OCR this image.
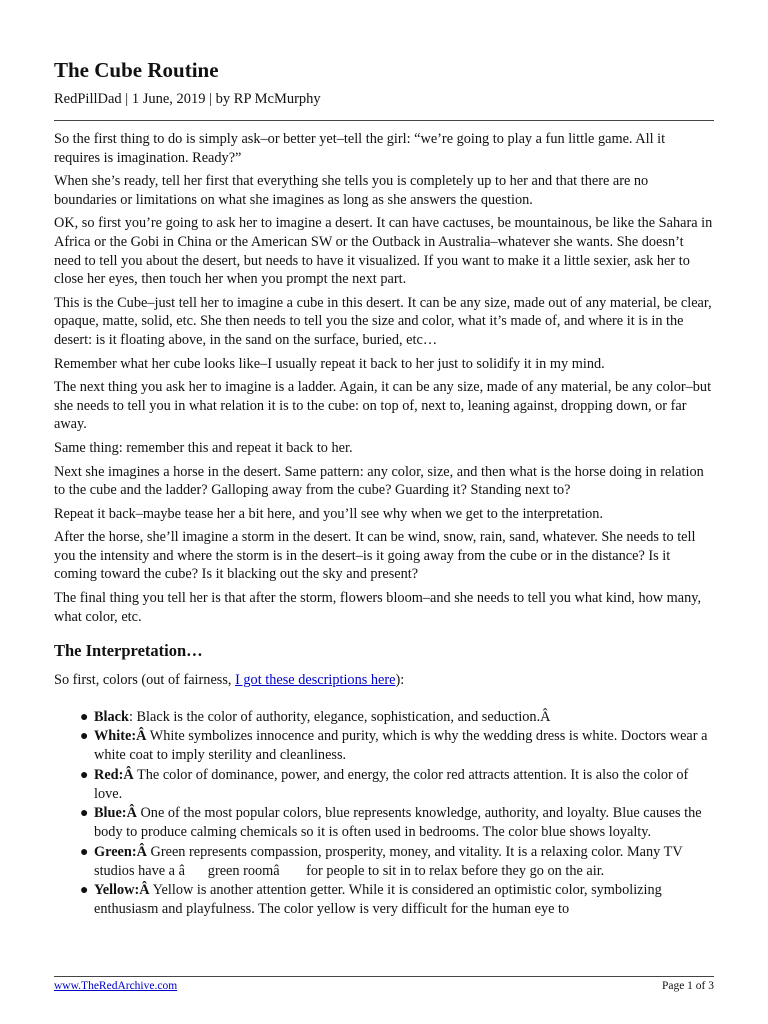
The Cube Routine
RedPillDad | 1 June, 2019 | by RP McMurphy

So the first thing to do is simply ask–or better yet–tell the girl: “we’re going to play a fun little game. All it requires is imagination. Ready?”

When she’s ready, tell her first that everything she tells you is completely up to her and that there are no boundaries or limitations on what she imagines as long as she answers the question.

OK, so first you’re going to ask her to imagine a desert. It can have cactuses, be mountainous, be like the Sahara in Africa or the Gobi in China or the American SW or the Outback in Australia–whatever she wants. She doesn’t need to tell you about the desert, but needs to have it visualized. If you want to make it a little sexier, ask her to close her eyes, then touch her when you prompt the next part.

This is the Cube–just tell her to imagine a cube in this desert. It can be any size, made out of any material, be clear, opaque, matte, solid, etc. She then needs to tell you the size and color, what it’s made of, and where it is in the desert: is it floating above, in the sand on the surface, buried, etc…

Remember what her cube looks like–I usually repeat it back to her just to solidify it in my mind.

The next thing you ask her to imagine is a ladder. Again, it can be any size, made of any material, be any color–but she needs to tell you in what relation it is to the cube: on top of, next to, leaning against, dropping down, or far away.

Same thing: remember this and repeat it back to her.

Next she imagines a horse in the desert. Same pattern: any color, size, and then what is the horse doing in relation to the cube and the ladder? Galloping away from the cube? Guarding it? Standing next to?

Repeat it back–maybe tease her a bit here, and you’ll see why when we get to the interpretation.

After the horse, she’ll imagine a storm in the desert. It can be wind, snow, rain, sand, whatever. She needs to tell you the intensity and where the storm is in the desert–is it going away from the cube or in the distance? Is it coming toward the cube? Is it blacking out the sky and present?

The final thing you tell her is that after the storm, flowers bloom–and she needs to tell you what kind, how many, what color, etc.

The Interpretation…

So first, colors (out of fairness, I got these descriptions here):

● Black: Black is the color of authority, elegance, sophistication, and seduction.Â
● White:Â White symbolizes innocence and purity, which is why the wedding dress is white. Doctors wear a white coat to imply sterility and cleanliness.
● Red:Â The color of dominance, power, and energy, the color red attracts attention. It is also the color of love.
● Blue:Â One of the most popular colors, blue represents knowledge, authority, and loyalty. Blue causes the body to produce calming chemicals so it is often used in bedrooms. The color blue shows loyalty.
● Green:Â Green represents compassion, prosperity, money, and vitality. It is a relaxing color. Many TV studios have a âgreen roomâ for people to sit in to relax before they go on the air.
● Yellow:Â Yellow is another attention getter. While it is considered an optimistic color, symbolizing enthusiasm and playfulness. The color yellow is very difficult for the human eye to
www.TheRedArchive.com	Page 1 of 3
